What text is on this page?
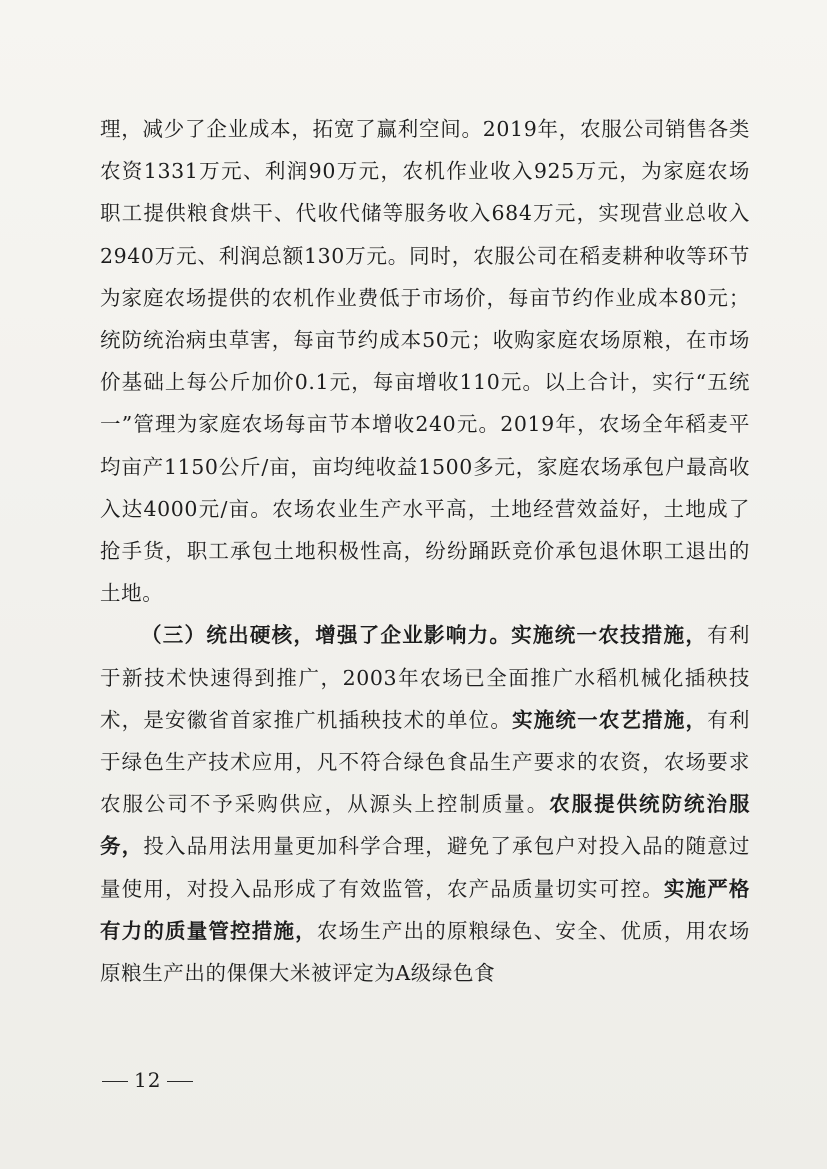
理，减少了企业成本，拓宽了赢利空间。2019年，农服公司销售各类农资1331万元、利润90万元，农机作业收入925万元，为家庭农场职工提供粮食烘干、代收代储等服务收入684万元，实现营业总收入2940万元、利润总额130万元。同时，农服公司在稻麦耕种收等环节为家庭农场提供的农机作业费低于市场价，每亩节约作业成本80元；统防统治病虫草害，每亩节约成本50元；收购家庭农场原粮，在市场价基础上每公斤加价0.1元，每亩增收110元。以上合计，实行“五统一”管理为家庭农场每亩节本增收240元。2019年，农场全年稻麦平均亩产1150公斤/亩，亩均纯收益1500多元，家庭农场承包户最高收入达4000元/亩。农场农业生产水平高，土地经营效益好，土地成了抢手货，职工承包土地积极性高，纷纷踊跃竞价承包退休职工退出的土地。

（三）统出硬核，增强了企业影响力。实施统一农技措施，有利于新技术快速得到推广，2003年农场已全面推广水稻机械化插秧技术，是安徽省首家推广机插秧技术的单位。实施统一农艺措施，有利于绿色生产技术应用，凡不符合绿色食品生产要求的农资，农场要求农服公司不予采购供应，从源头上控制质量。农服提供统防统治服务，投入品用法用量更加科学合理，避免了承包户对投入品的随意过量使用，对投入品形成了有效监管，农产品质量切实可控。实施严格有力的质量管控措施，农场生产出的原粮绿色、安全、优质，用农场原粮生产出的倮倮大米被评定为A级绿色食

12
